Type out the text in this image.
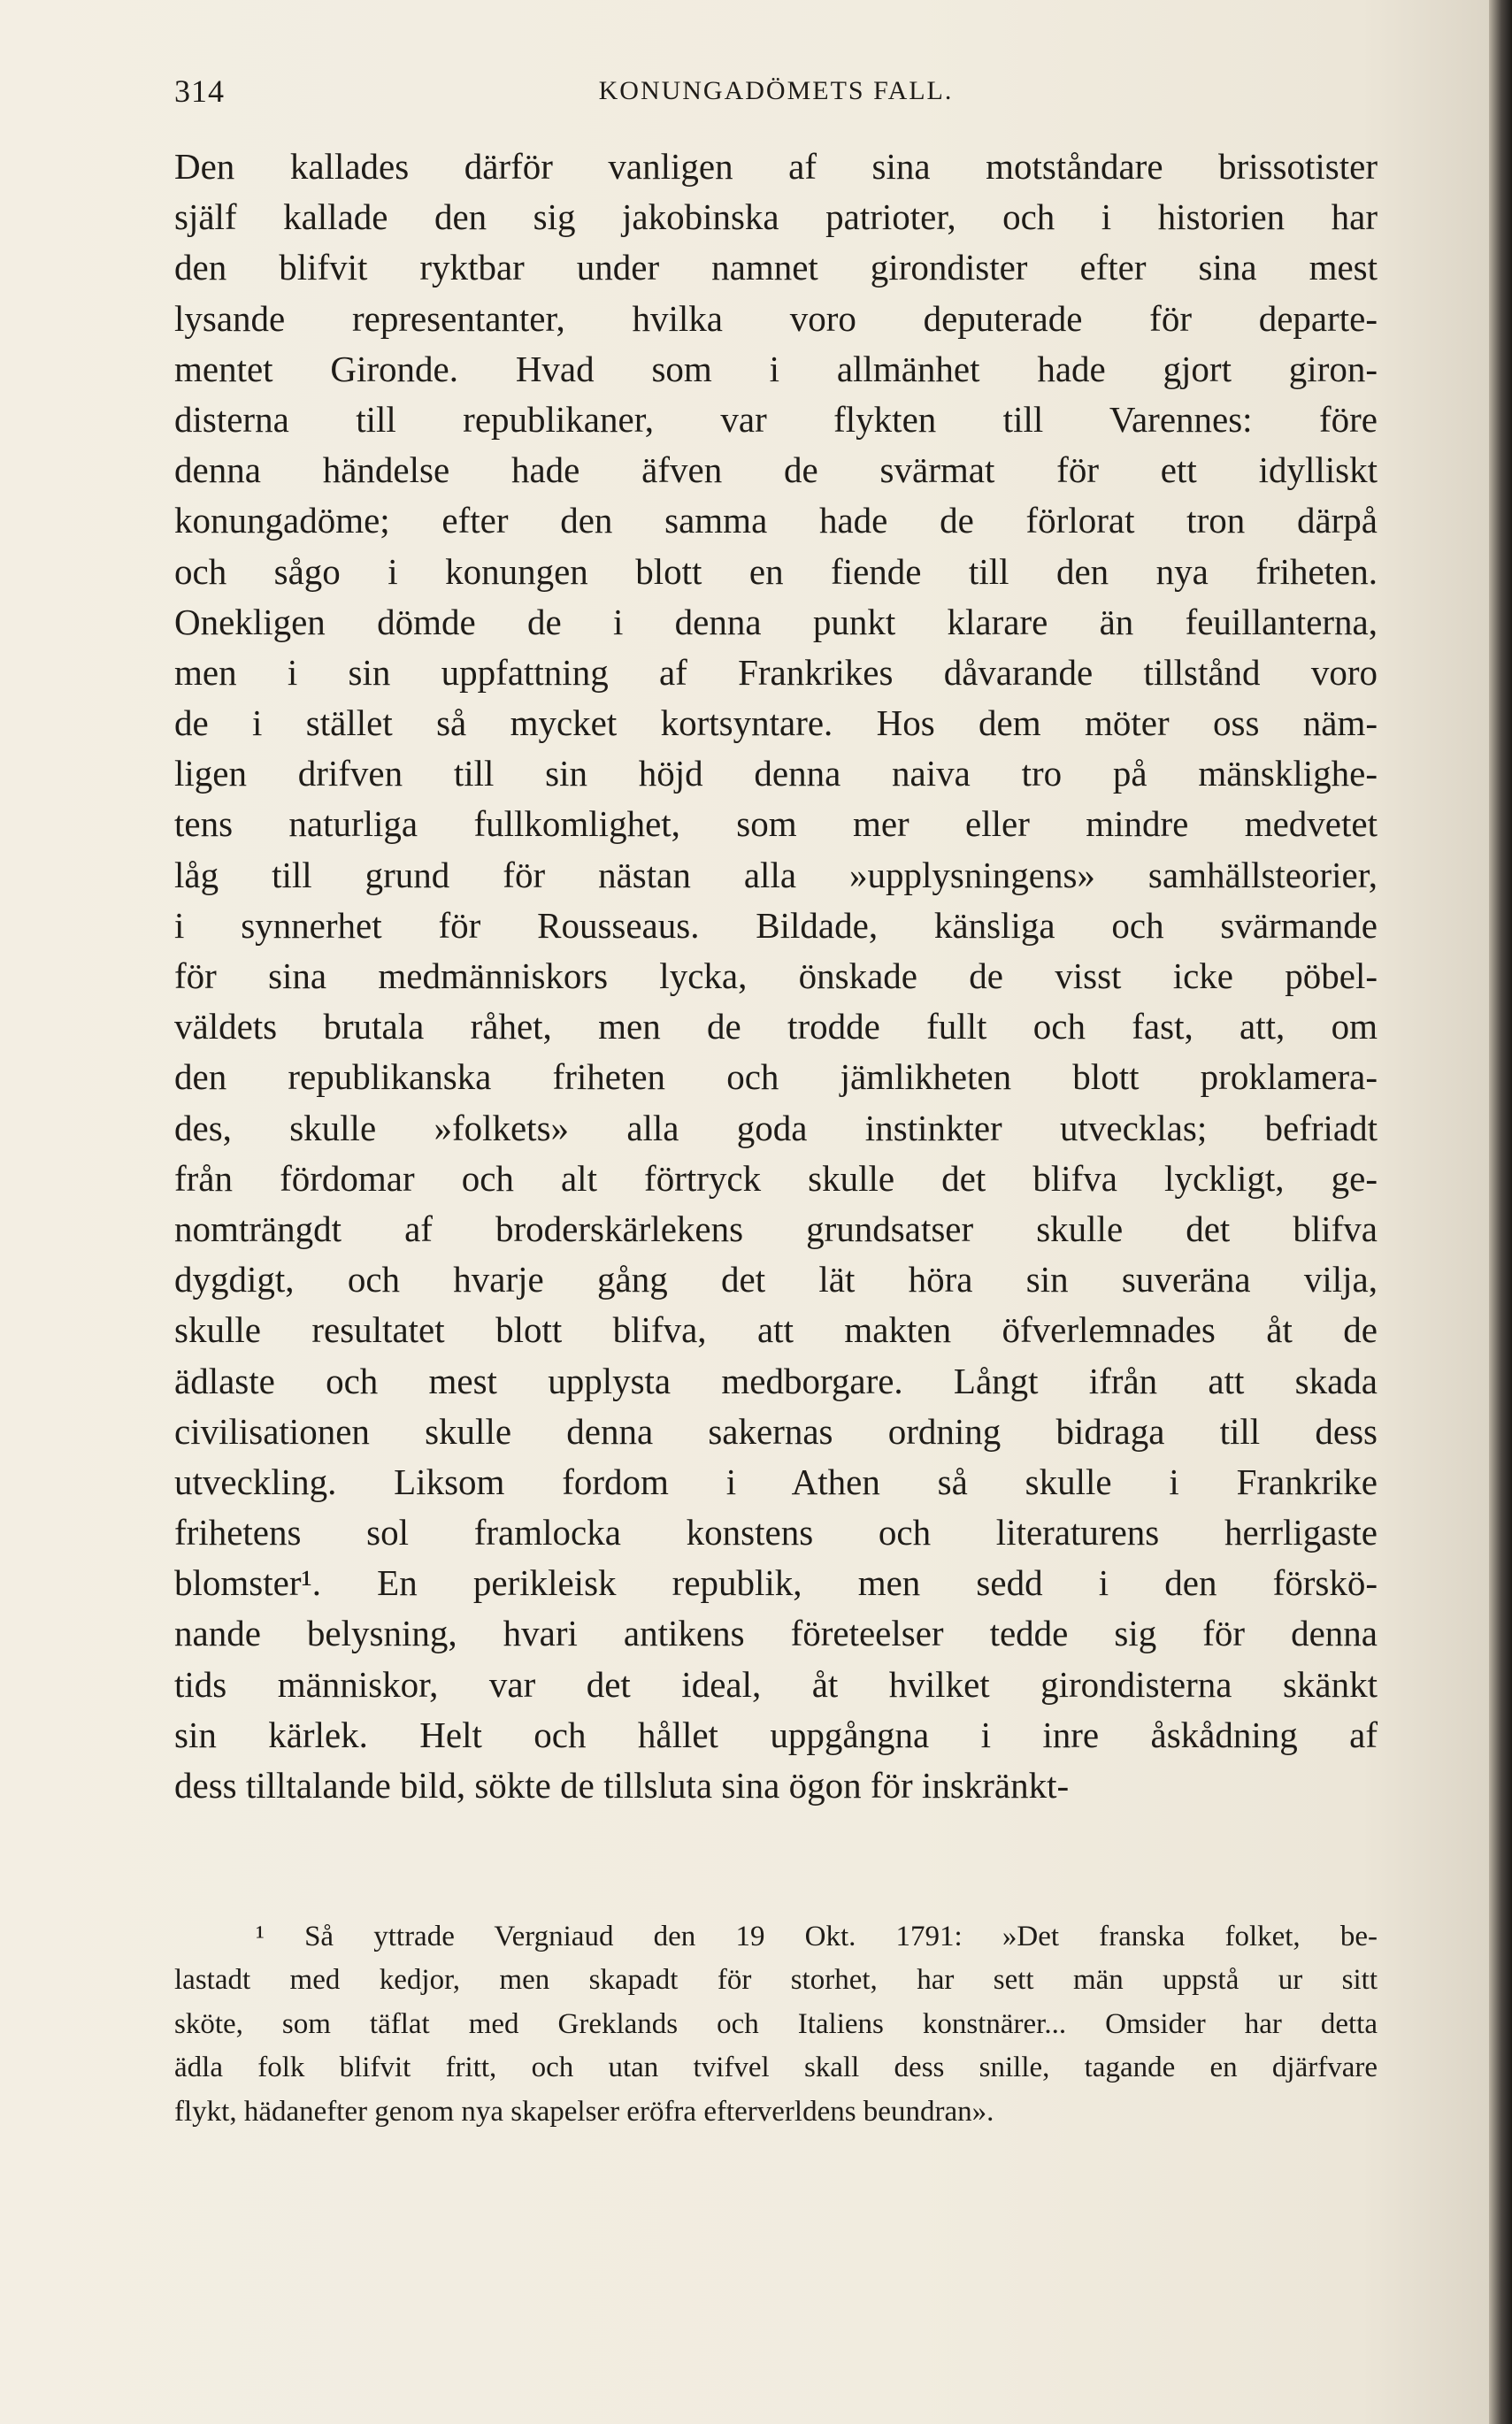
314	KONUNGADÖMETS FALL.
Den kallades därför vanligen af sina motståndare brissotister
själf kallade den sig jakobinska patrioter, och i historien har
den blifvit ryktbar under namnet girondister efter sina mest
lysande representanter, hvilka voro deputerade för departe-
mentet Gironde. Hvad som i allmänhet hade gjort giron-
disterna till republikaner, var flykten till Varennes: före
denna händelse hade äfven de svärmat för ett idylliskt
konungadöme; efter den samma hade de förlorat tron därpå
och sågo i konungen blott en fiende till den nya friheten.
Onekligen dömde de i denna punkt klarare än feuillanterna,
men i sin uppfattning af Frankrikes dåvarande tillstånd voro
de i stället så mycket kortsyntare. Hos dem möter oss näm-
ligen drifven till sin höjd denna naiva tro på mänsklighe-
tens naturliga fullkomlighet, som mer eller mindre medvetet
låg till grund för nästan alla »upplysningens» samhällsteorier,
i synnerhet för Rousseaus. Bildade, känsliga och svärmande
för sina medmänniskors lycka, önskade de visst icke pöbel-
väldets brutala råhet, men de trodde fullt och fast, att, om
den republikanska friheten och jämlikheten blott proklamera-
des, skulle »folkets» alla goda instinkter utvecklas; befriadt
från fördomar och alt förtryck skulle det blifva lyckligt, ge-
nomträngdt af broderskärlekens grundsatser skulle det blifva
dygdigt, och hvarje gång det lät höra sin suveräna vilja,
skulle resultatet blott blifva, att makten öfverlemnades åt de
ädlaste och mest upplysta medborgare. Långt ifrån att skada
civilisationen skulle denna sakernas ordning bidraga till dess
utveckling. Liksom fordom i Athen så skulle i Frankrike
frihetens sol framlocka konstens och literaturens herrligaste
blomster¹. En perikleisk republik, men sedd i den förskö-
nande belysning, hvari antikens företeelser tedde sig för denna
tids människor, var det ideal, åt hvilket girondisterna skänkt
sin kärlek. Helt och hållet uppgångna i inre åskådning af
dess tilltalande bild, sökte de tillsluta sina ögon för inskränkt-
¹ Så yttrade Vergniaud den 19 Okt. 1791: »Det franska folket, be-
lastadt med kedjor, men skapadt för storhet, har sett män uppstå ur sitt
sköte, som täflat med Greklands och Italiens konstnärer... Omsider har detta
ädla folk blifvit fritt, och utan tvifvel skall dess snille, tagande en djärfvare
flykt, hädanefter genom nya skapelser eröfra efterverldens beundran».
